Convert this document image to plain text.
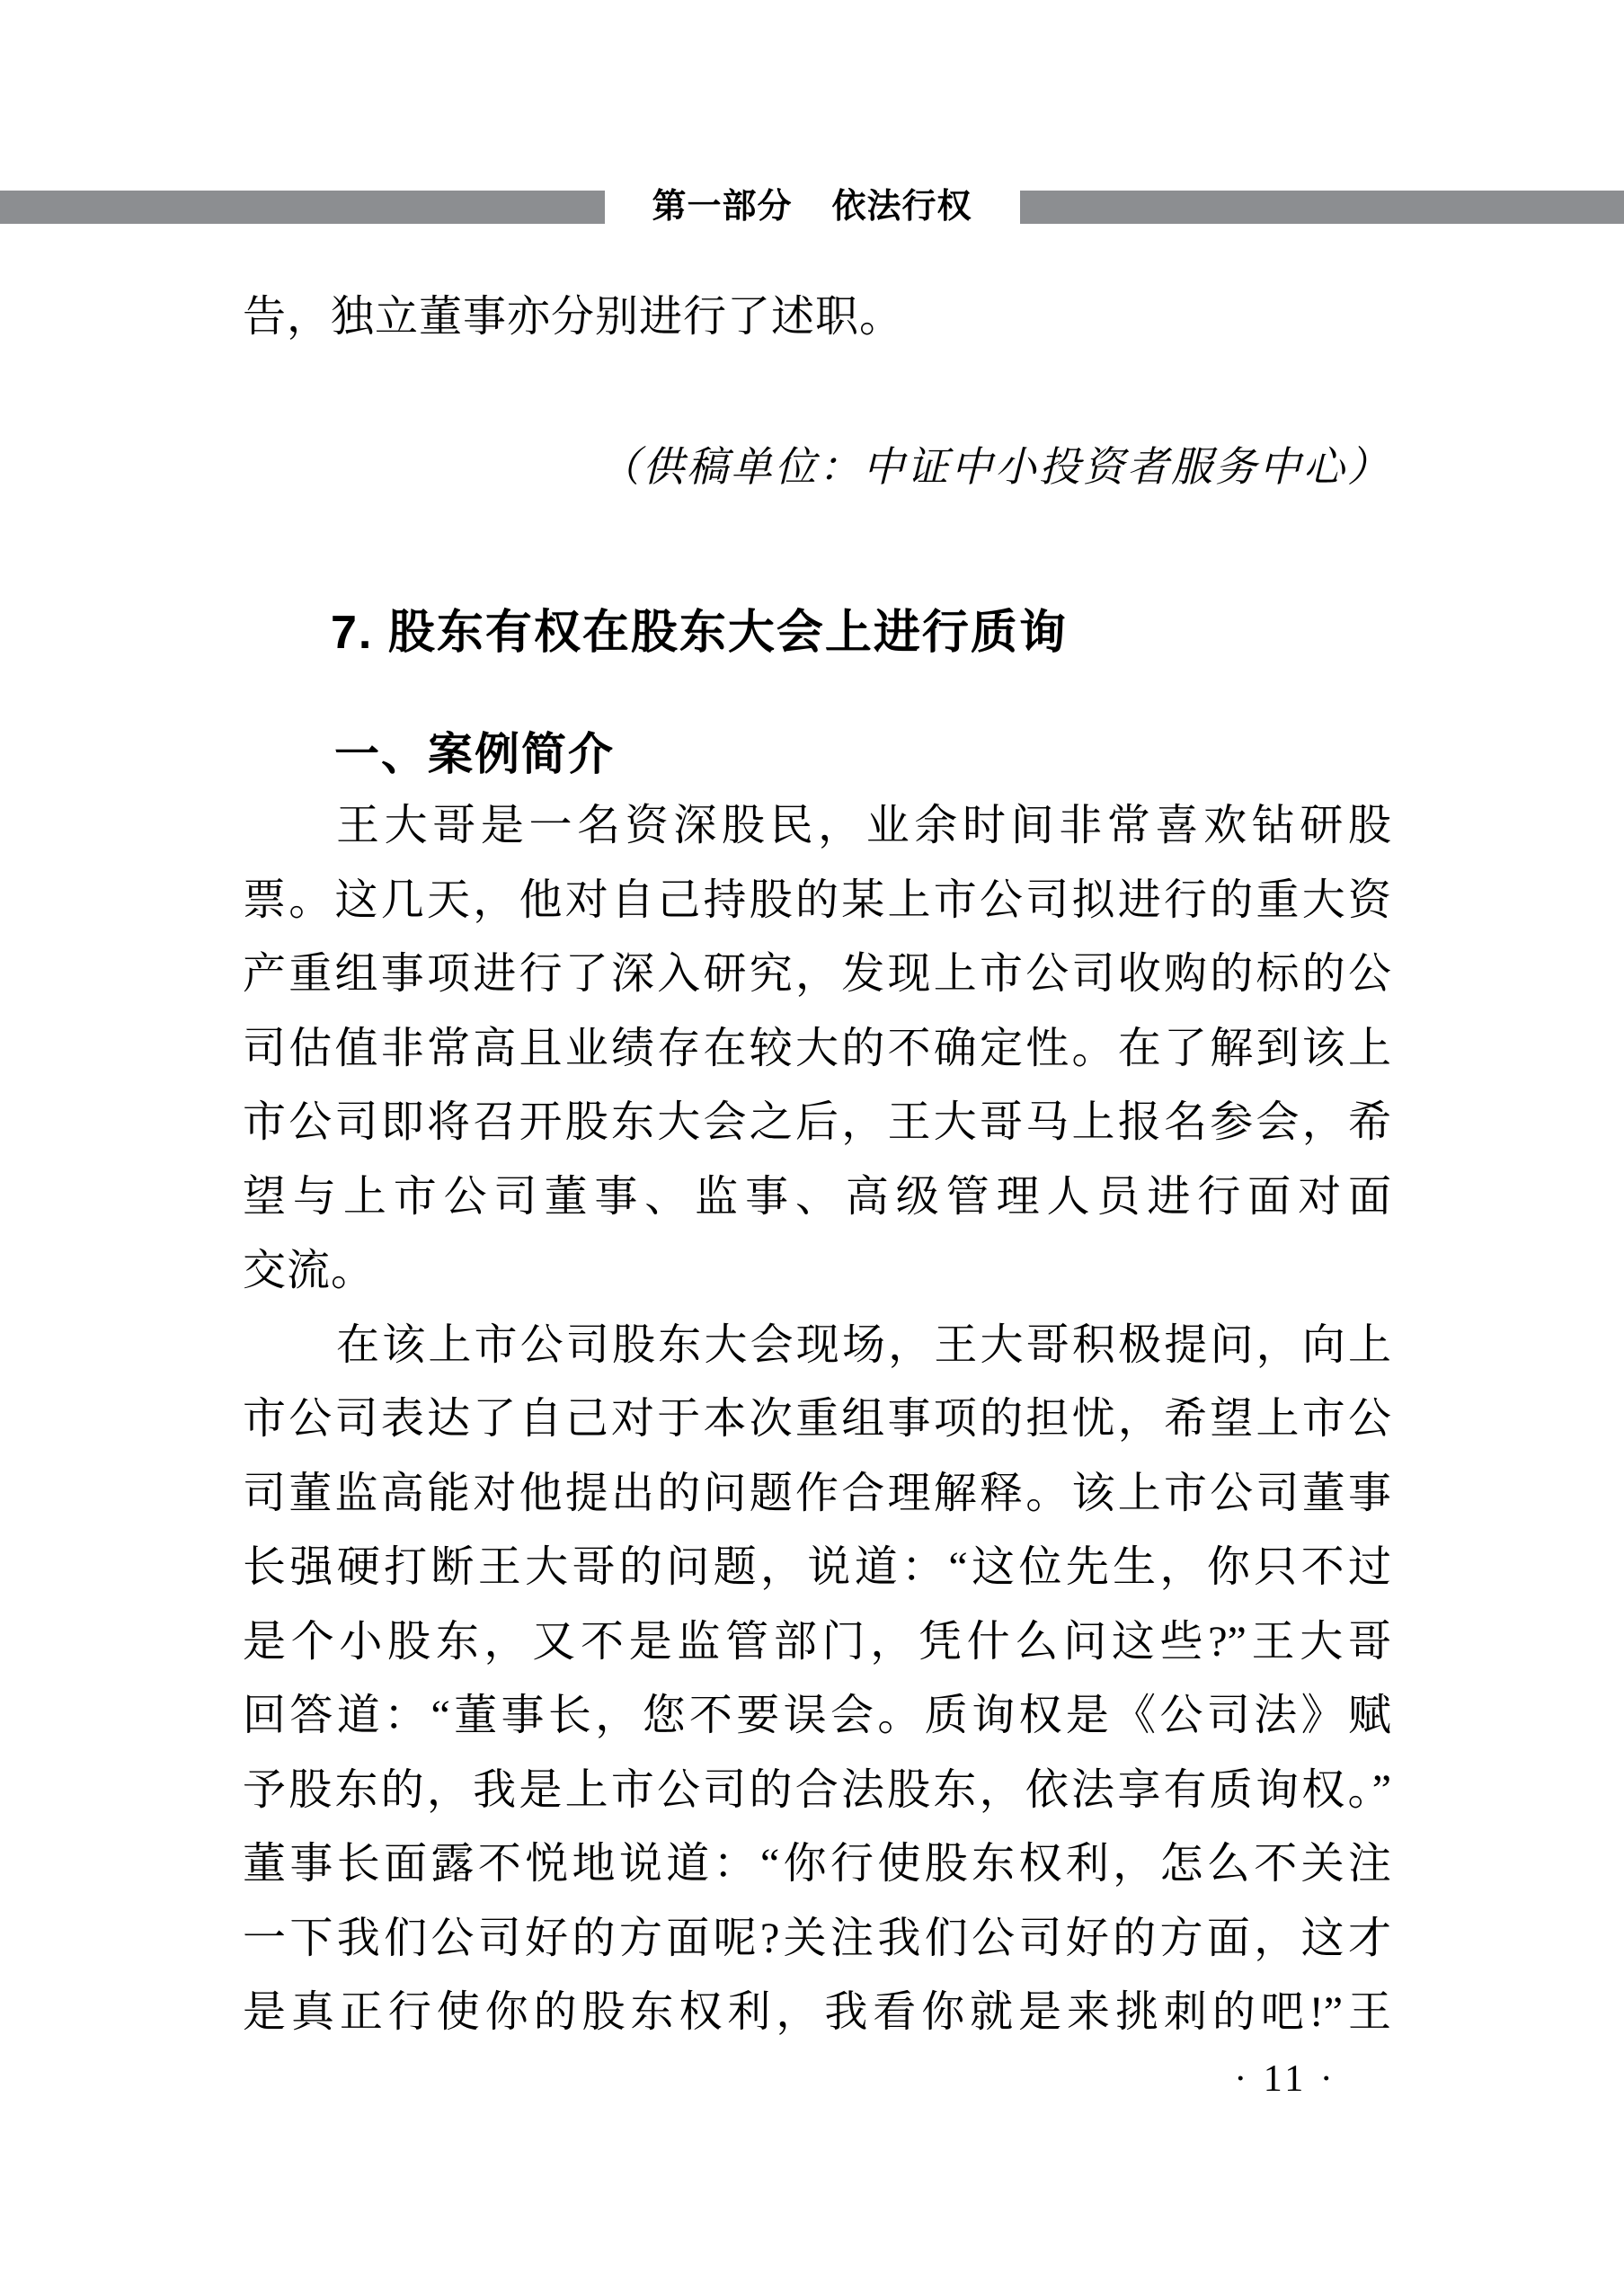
第一部分 依法行权
告，独立董事亦分别进行了述职。
（供稿单位：中证中小投资者服务中心）
7. 股东有权在股东大会上进行质询
一、案例简介
王大哥是一名资深股民，业余时间非常喜欢钻研股
票。这几天，他对自己持股的某上市公司拟进行的重大资
产重组事项进行了深入研究，发现上市公司收购的标的公
司估值非常高且业绩存在较大的不确定性。在了解到该上
市公司即将召开股东大会之后，王大哥马上报名参会，希
望与上市公司董事、监事、高级管理人员进行面对面
交流。
在该上市公司股东大会现场，王大哥积极提问，向上
市公司表达了自己对于本次重组事项的担忧，希望上市公
司董监高能对他提出的问题作合理解释。该上市公司董事
长强硬打断王大哥的问题，说道：“这位先生，你只不过
是个小股东，又不是监管部门，凭什么问这些?”王大哥
回答道：“董事长，您不要误会。质询权是《公司法》赋
予股东的，我是上市公司的合法股东，依法享有质询权。”
董事长面露不悦地说道：“你行使股东权利，怎么不关注
一下我们公司好的方面呢?关注我们公司好的方面，这才
是真正行使你的股东权利，我看你就是来挑刺的吧!”王
· 11 ·
